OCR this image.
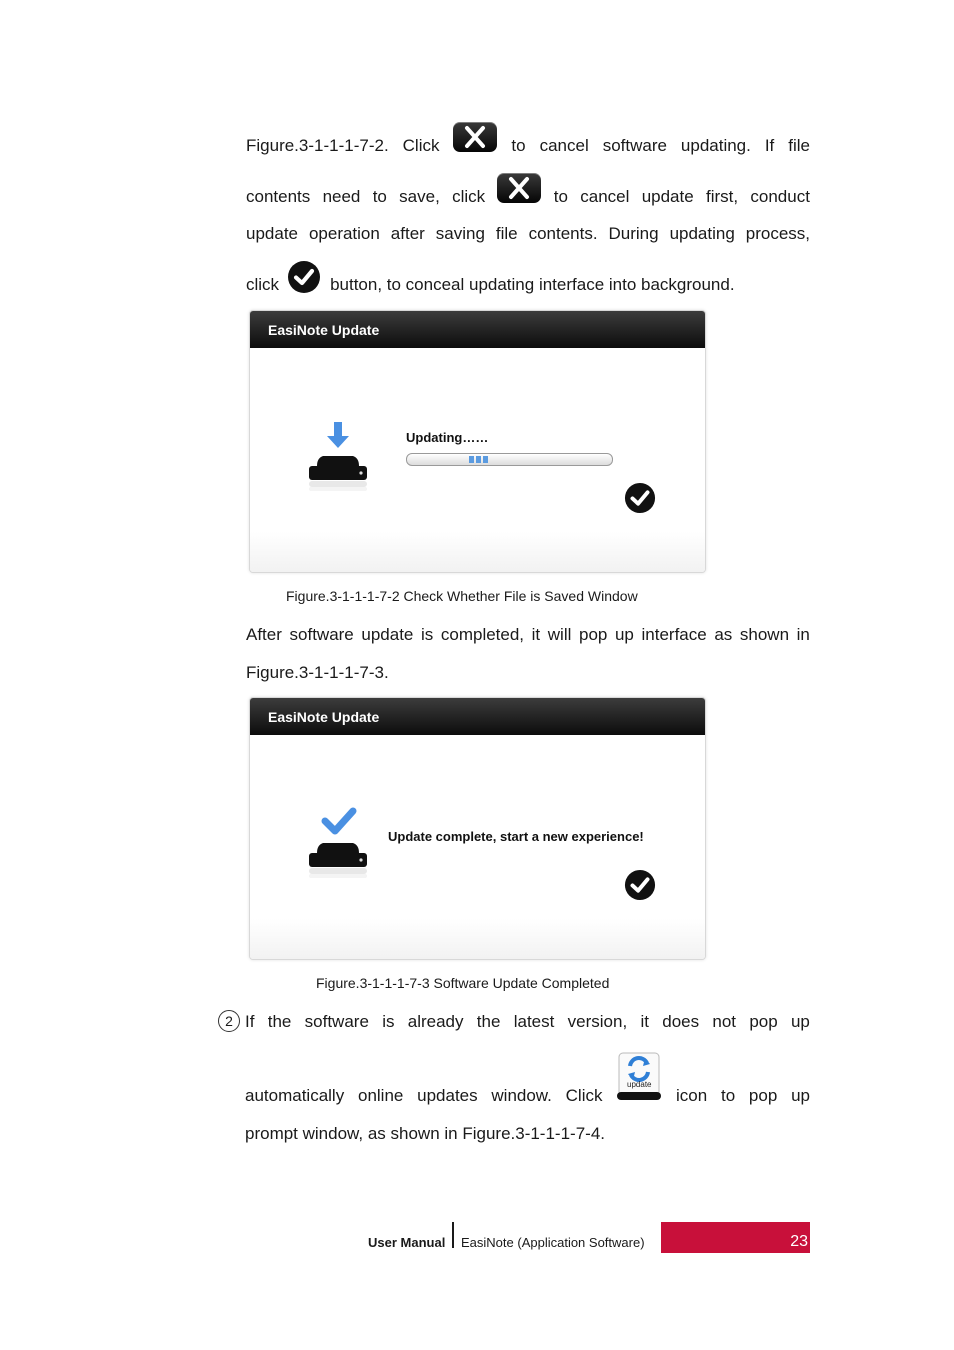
Figure.3-1-1-1-7-2. Click	to cancel software updating. If file
contents need to save, click	to cancel update first, conduct
update operation after saving file contents. During updating process,
click	button, to conceal updating interface into background.
EasiNote Update
Updating……
Figure.3-1-1-1-7-2 Check Whether File is Saved Window
After software update is completed, it will pop up interface as shown in
Figure.3-1-1-1-7-3.
EasiNote Update
Update complete, start a new experience!
Figure.3-1-1-1-7-3 Software Update Completed
2 If the software is already the latest version, it does not pop up
automatically online updates window. Click
update
icon to pop up
prompt window, as shown in Figure.3-1-1-1-7-4.
User Manual EasiNote (Application Software)	23
